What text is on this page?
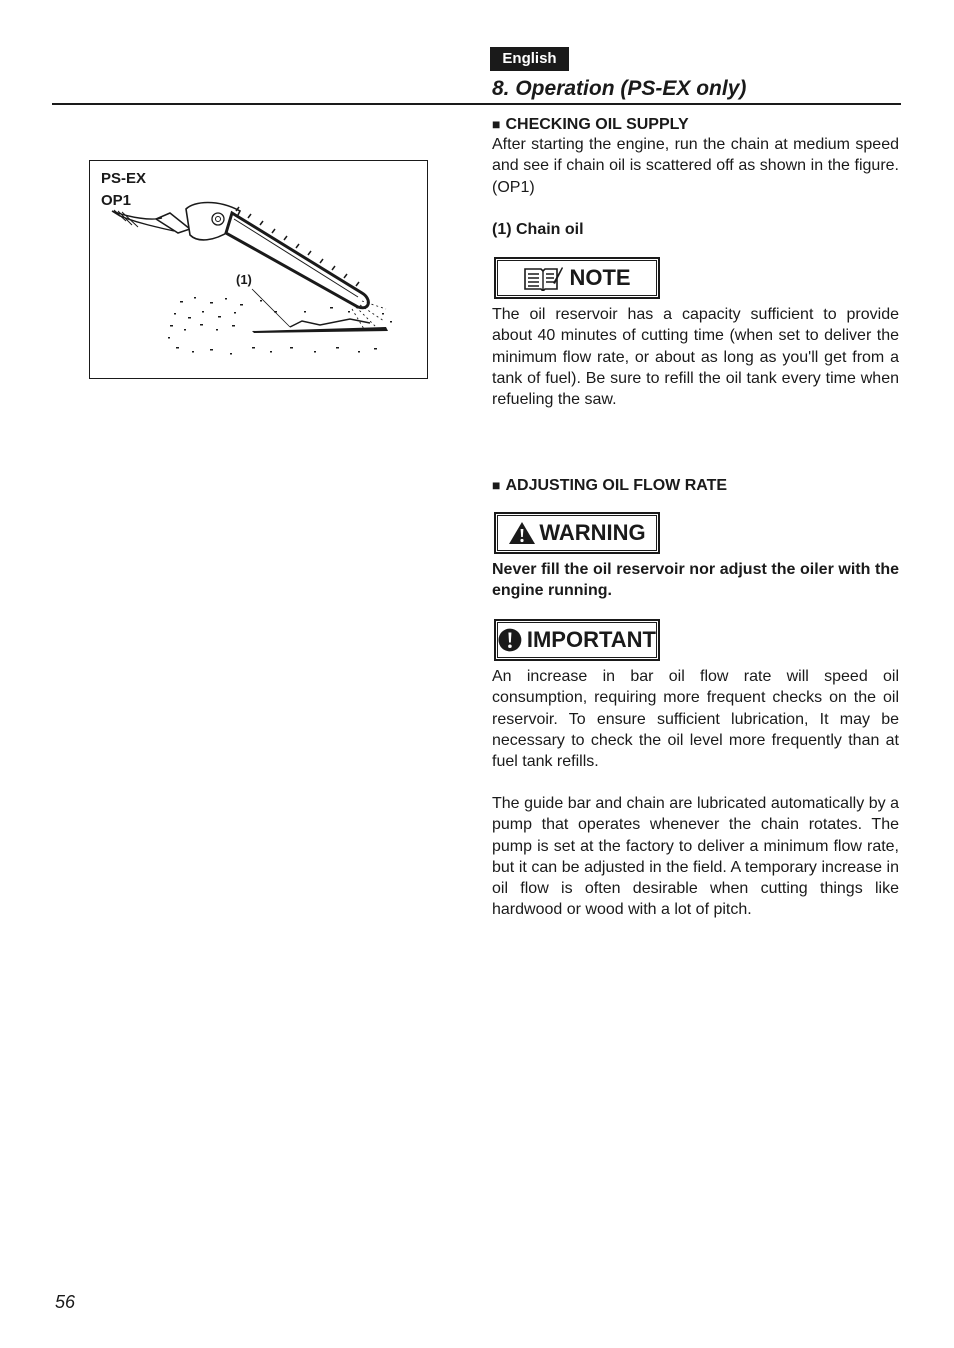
English
8. Operation (PS-EX only)
PS-EX
OP1
(1)
■ CHECKING OIL SUPPLY

After starting the engine, run the chain at medium speed and see if chain oil is scattered off as shown in the figure. (OP1)

(1) Chain oil

NOTE

The oil reservoir has a capacity sufficient to provide about 40 minutes of cutting time (when set to deliver the minimum flow rate, or about as long as you'll get from a tank of fuel). Be sure to refill the oil tank every time when refueling the saw.

■ ADJUSTING OIL FLOW RATE
WARNING

Never fill the oil reservoir nor adjust the oiler with the engine running.

IMPORTANT

An increase in bar oil flow rate will speed oil consumption, requiring more frequent checks on the oil reservoir. To ensure sufficient lubrication, It may be necessary to check the oil level more frequently than at fuel tank refills.

The guide bar and chain are lubricated automatically by a pump that operates whenever the chain rotates. The pump is set at the factory to deliver a minimum flow rate, but it can be adjusted in the field. A temporary increase in oil flow is often desirable when cutting things like hardwood or wood with a lot of pitch.

56
